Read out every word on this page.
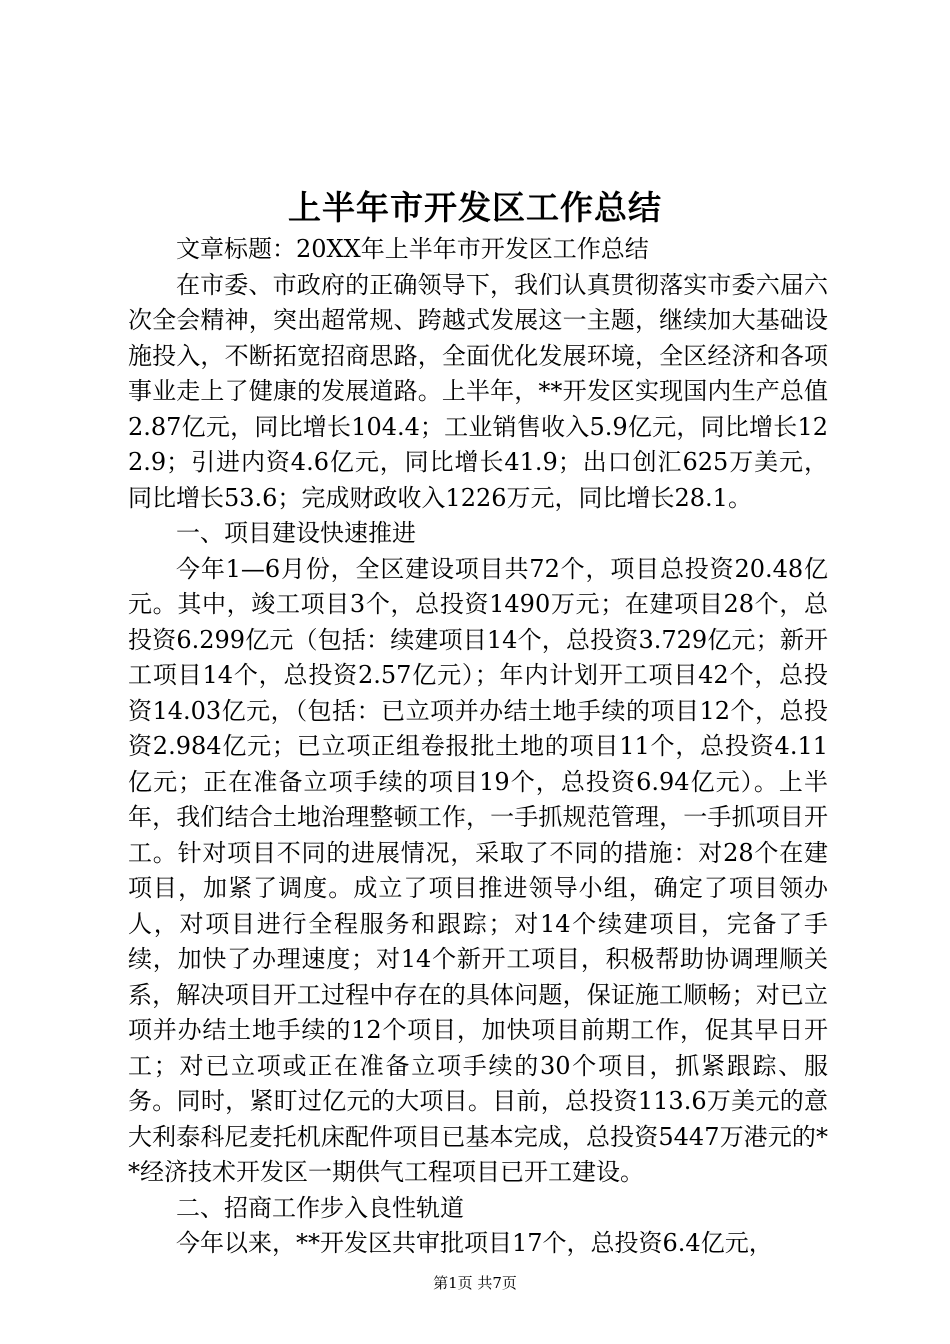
上半年市开发区工作总结

文章标题：20XX年上半年市开发区工作总结

在市委、市政府的正确领导下，我们认真贯彻落实市委六届六次全会精神，突出超常规、跨越式发展这一主题，继续加大基础设施投入，不断拓宽招商思路，全面优化发展环境，全区经济和各项事业走上了健康的发展道路。上半年，**开发区实现国内生产总值2.87亿元，同比增长104.4；工业销售收入5.9亿元，同比增长122.9；引进内资4.6亿元，同比增长41.9；出口创汇625万美元，同比增长53.6；完成财政收入1226万元，同比增长28.1。

一、项目建设快速推进

今年1—6月份，全区建设项目共72个，项目总投资20.48亿元。其中，竣工项目3个，总投资1490万元；在建项目28个，总投资6.299亿元（包括：续建项目14个，总投资3.729亿元；新开工项目14个，总投资2.57亿元）；年内计划开工项目42个，总投资14.03亿元，（包括：已立项并办结土地手续的项目12个，总投资2.984亿元；已立项正组卷报批土地的项目11个，总投资4.11亿元；正在准备立项手续的项目19个，总投资6.94亿元）。上半年，我们结合土地治理整顿工作，一手抓规范管理，一手抓项目开工。针对项目不同的进展情况，采取了不同的措施：对28个在建项目，加紧了调度。成立了项目推进领导小组，确定了项目领办人，对项目进行全程服务和跟踪；对14个续建项目，完备了手续，加快了办理速度；对14个新开工项目，积极帮助协调理顺关系，解决项目开工过程中存在的具体问题，保证施工顺畅；对已立项并办结土地手续的12个项目，加快项目前期工作，促其早日开工；对已立项或正在准备立项手续的30个项目，抓紧跟踪、服务。同时，紧盯过亿元的大项目。目前，总投资113.6万美元的意大利泰科尼麦托机床配件项目已基本完成，总投资5447万港元的**经济技术开发区一期供气工程项目已开工建设。

二、招商工作步入良性轨道

今年以来，**开发区共审批项目17个，总投资6.4亿元，

第1页 共7页
